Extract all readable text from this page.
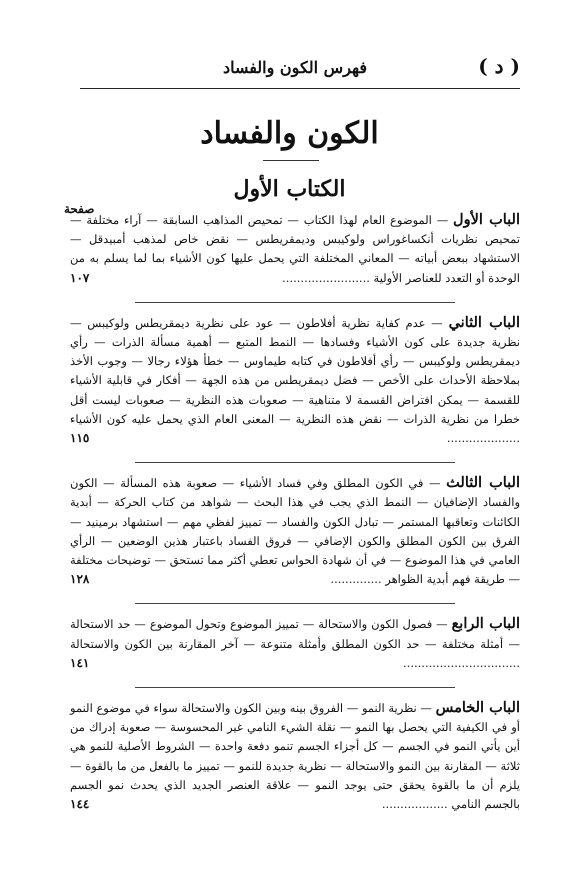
( د )
فهرس الكون والفساد
الكون والفساد
الكتاب الأول
صفحة

الباب الأول — الموضوع العام لهذا الكتاب — تمحيص المذاهب السابقة — آراء مختلفة — تمحيص نظريات أنكساغوراس ولوكيبس وديمقريطس — نقض خاص لمذهب أمبيدقل — الاستشهاد ببعض أبياته — المعاني المختلفة التي يحمل عليها كون الأشياء بما لما يسلم به من الوحدة أو التعدد للعناصر الأولية ........................

١٠٧

الباب الثاني — عدم كفاية نظرية أفلاطون — عود على نظرية ديمقريطس ولوكيبس — نظرية جديدة على كون الأشياء وفسادها — النمط المتبع — أهمية مسألة الذرات — رأي ديمقريطس ولوكيبس — رأي أفلاطون في كتابه طيماوس — خطأ هؤلاء رجالا — وجوب الأخذ بملاحظة الأحداث على الأخص — فضل ديمقريطس من هذه الجهة — أفكار في قابلية الأشياء للقسمة — يمكن افتراض القسمة لا متناهية — صعوبات هذه النظرية — صعوبات ليست أقل خطرا من نظرية الذرات — نقض هذه النظرية — المعنى العام الذي يحمل عليه كون الأشياء ....................

١١٥

الباب الثالث — في الكون المطلق وفي فساد الأشياء — صعوبة هذه المسألة — الكون والفساد الإضافيان — النمط الذي يجب في هذا البحث — شواهد من كتاب الحركة — أبدية الكائنات وتعاقبها المستمر — تبادل الكون والفساد — تمييز لفظي مهم — استشهاد برمينيد — الفرق بين الكون المطلق والكون الإضافي — فروق الفساد باعتبار هذين الوضعين — الرأي العامي في هذا الموضوع — في أن شهادة الحواس تعطي أكثر مما تستحق — توضيحات مختلفة — طريقة فهم أبدية الظواهر ..............

١٢٨

الباب الرابع — فصول الكون والاستحالة — تمييز الموضوع وتحول الموضوع — حد الاستحالة — أمثلة مختلفة — حد الكون المطلق وأمثلة متنوعة — آخر المقارنة بين الكون والاستحالة ................................

١٤١

الباب الخامس — نظرية النمو — الفروق بينه وبين الكون والاستحالة سواء في موضوع النمو أو في الكيفية التي يحصل بها النمو — نقلة الشيء النامي غير المحسوسة — صعوبة إدراك من أين يأتي النمو في الجسم — كل أجزاء الجسم تنمو دفعة واحدة — الشروط الأصلية للنمو هي ثلاثة — المقارنة بين النمو والاستحالة — نظرية جديدة للنمو — تمييز ما بالفعل من ما بالقوة — يلزم أن ما بالقوة يحقق حتى يوجد النمو — علاقة العنصر الجديد الذي يحدث نمو الجسم بالجسم النامي ..................

١٤٤
